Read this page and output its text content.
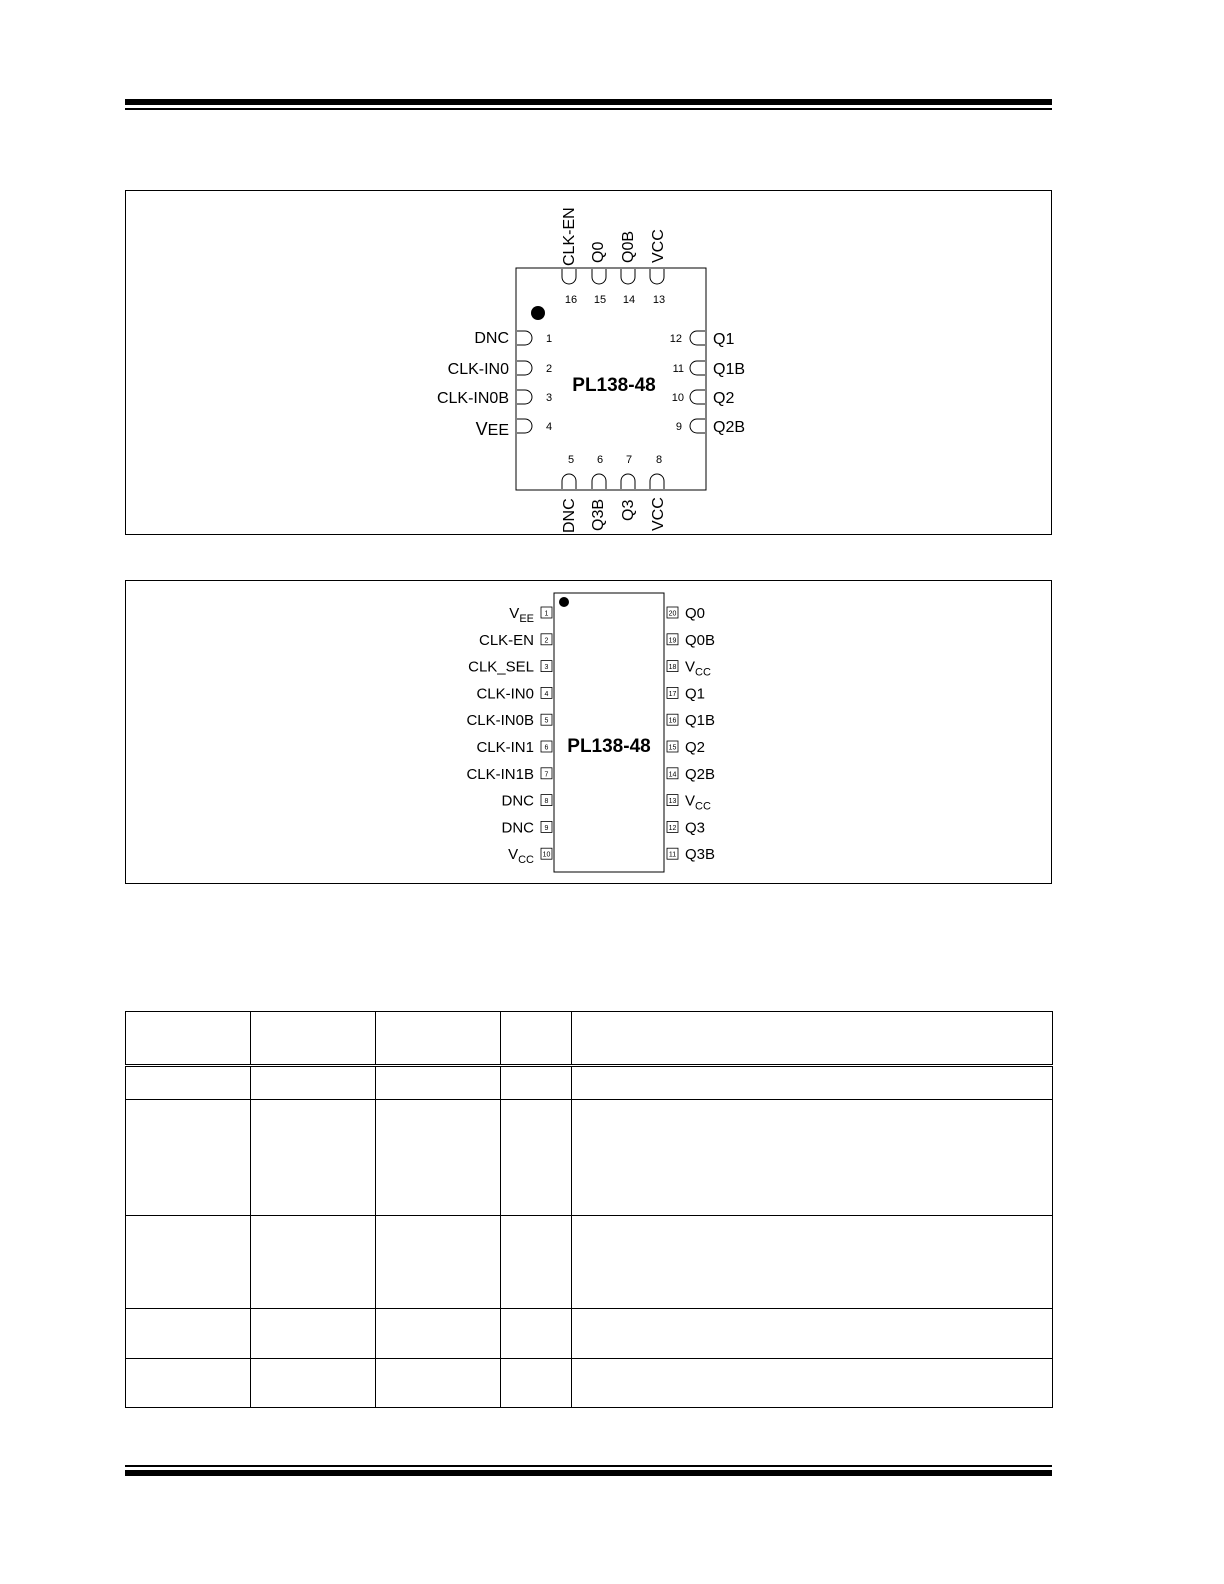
PL138-48
1
DNC
2
CLK-IN0
3
CLK-IN0B
4
VEE
12 Q1
11 Q1B
10 Q2
9 Q2B
16
CLK-EN
15
Q0
14
Q0B
13
VCC
5
DNC
6
Q3B
7
Q3
8
VCC
PL138-48
1
$V_{EE}$
2
CLK-EN
3
CLK_SEL
4
CLK-IN0
5
CLK-IN0B
6
CLK-IN1
7
CLK-IN1B
8
DNC
9
DNC
10
$V_{CC}$
20 Q0
19 Q0B
18 $V_{CC}$
17 Q1
16 Q1B
15 Q2
14 Q2B
13 $V_{CC}$
12 Q3
11 Q3B
